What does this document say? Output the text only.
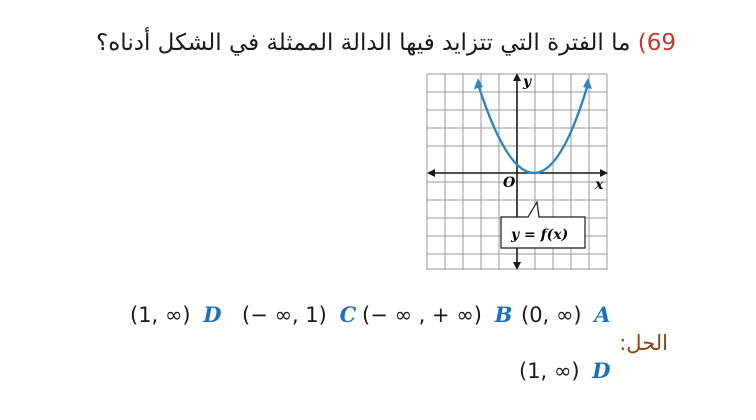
69) ما الفترة التي تتزايد فيها الدالة الممثلة في الشكل أدناه؟
y
x
O
y = f(x)
(0, ∞) A
(− ∞ , + ∞) B
(− ∞, 1) C
(1, ∞) D
الحل:
(1, ∞) D
